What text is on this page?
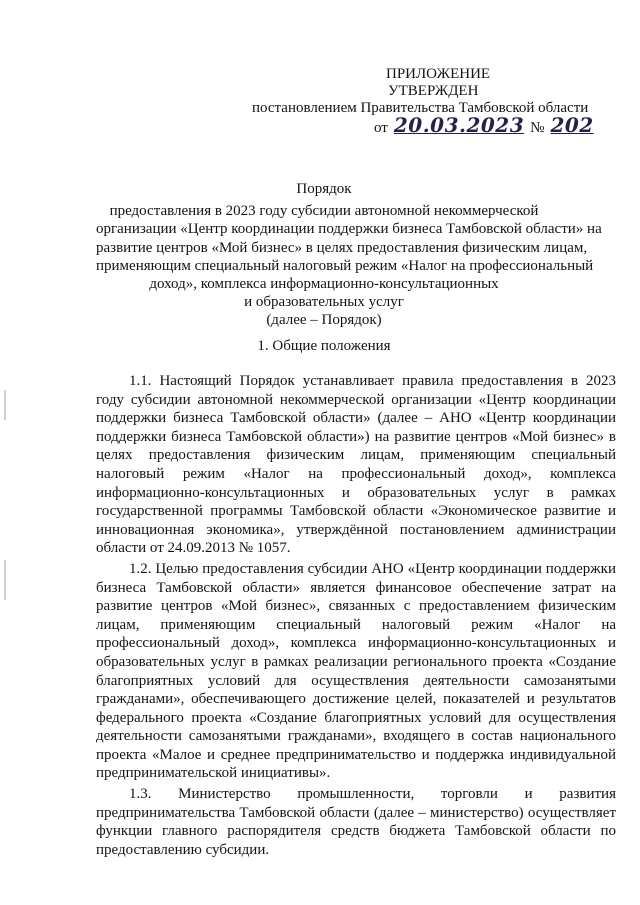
ПРИЛОЖЕНИЕ
УТВЕРЖДЕН
постановлением Правительства Тамбовской области
от 20.03.2023 № 202
Порядок
предоставления в 2023 году субсидии автономной некоммерческой
организации «Центр координации поддержки бизнеса Тамбовской области» на
развитие центров «Мой бизнес» в целях предоставления физическим лицам,
применяющим специальный налоговый режим «Налог на профессиональный
доход», комплекса информационно-консультационных
и образовательных услуг
(далее – Порядок)
1. Общие положения

1.1. Настоящий Порядок устанавливает правила предоставления в 2023 году субсидии автономной некоммерческой организации «Центр координации поддержки бизнеса Тамбовской области» (далее – АНО «Центр координации поддержки бизнеса Тамбовской области») на развитие центров «Мой бизнес» в целях предоставления физическим лицам, применяющим специальный налоговый режим «Налог на профессиональный доход», комплекса информационно-консультационных и образовательных услуг в рамках государственной программы Тамбовской области «Экономическое развитие и инновационная экономика», утверждённой постановлением администрации области от 24.09.2013 № 1057.

1.2. Целью предоставления субсидии АНО «Центр координации поддержки бизнеса Тамбовской области» является финансовое обеспечение затрат на развитие центров «Мой бизнес», связанных с предоставлением физическим лицам, применяющим специальный налоговый режим «Налог на профессиональный доход», комплекса информационно-консультационных и образовательных услуг в рамках реализации регионального проекта «Создание благоприятных условий для осуществления деятельности самозанятыми гражданами», обеспечивающего достижение целей, показателей и результатов федерального проекта «Создание благоприятных условий для осуществления деятельности самозанятыми гражданами», входящего в состав национального проекта «Малое и среднее предпринимательство и поддержка индивидуальной предпринимательской инициативы».

1.3. Министерство промышленности, торговли и развития предпринимательства Тамбовской области (далее – министерство) осуществляет функции главного распорядителя средств бюджета Тамбовской области по предоставлению субсидии.
